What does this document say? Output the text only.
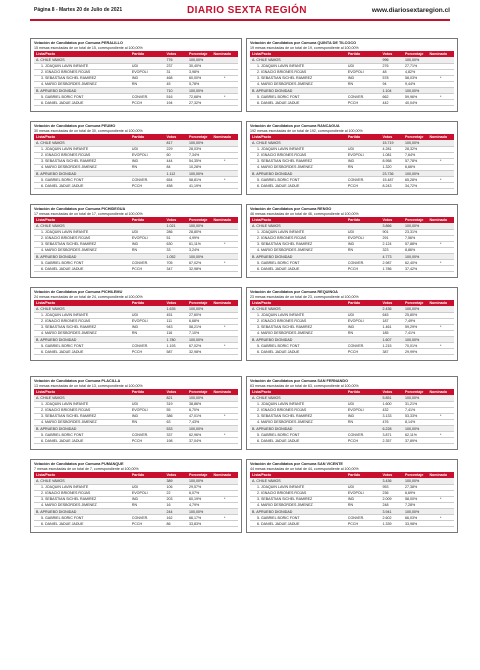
Página 8 - Martes 20 de Julio de 2021	DIARIO SEXTA REGIÓN	www.diariosextaregion.cl
Votación de Candidatos por Comuna PERALILLO
15 mesas escrutadas de un total de 15, correspondiente al 100,00%
Lista/Pacto	Partido	Votos	Porcentaje	Nominado
A. CHILE VAMOS		776	100,00%	
1. JOAQUIN LAVIN INFANTE	UDI	237	30,40%	
2. IGNACIO BRIONES ROJAS	EVOPOLI	31	3,98%	
3. SEBASTIAN SICHEL RAMIREZ	IND	468	60,00%	*
4. MARIO DESBORDES JIMENEZ	RN	45	5,78%	
B. APRUEBO DIGNIDAD		710	100,00%	
5. GABRIEL BORIC FONT	CONVER.	516	72,68%	*
6. DANIEL JADUE JADUE	PCCH	194	27,32%	
Votación de Candidatos por Comuna PEUMO
30 mesas escrutadas de un total de 30, correspondiente al 100,00%
Lista/Pacto	Partido	Votos	Porcentaje	Nominado
A. CHILE VAMOS		817	100,00%	
1. JOAQUIN LAVIN INFANTE	UDI	229	28,03%	
2. IGNACIO BRIONES ROJAS	EVOPOLI	60	7,34%	
3. SEBASTIAN SICHEL RAMIREZ	IND	444	54,35%	*
4. MARIO DESBORDES JIMENEZ	RN	84	10,28%	
B. APRUEBO DIGNIDAD		1.112	100,00%	
5. GABRIEL BORIC FONT	CONVER.	654	58,81%	*
6. DANIEL JADUE JADUE	PCCH	458	41,19%	
Votación de Candidatos por Comuna PICHIDEGUA
17 mesas escrutadas de un total de 17, correspondiente al 100,00%
Lista/Pacto	Partido	Votos	Porcentaje	Nominado
A. CHILE VAMOS		1.021	100,00%	
1. JOAQUIN LAVIN INFANTE	UDI	286	28,80%	
2. IGNACIO BRIONES ROJAS	EVOPOLI	51	4,99%	
3. SEBASTIAN SICHEL RAMIREZ	IND	630	61,11%	*
4. MARIO DESBORDES JIMENEZ	RN	33	3,24%	
B. APRUEBO DIGNIDAD		1.052	100,00%	
5. GABRIEL BORIC FONT	CONVER.	705	67,02%	*
6. DANIEL JADUE JADUE	PCCH	347	32,98%	
Votación de Candidatos por Comuna PICHILEMU
24 mesas escrutadas de un total de 24, correspondiente al 100,00%
Lista/Pacto	Partido	Votos	Porcentaje	Nominado
A. CHILE VAMOS		1.635	100,00%	
1. JOAQUIN LAVIN INFANTE	UDI	451	27,60%	
2. IGNACIO BRIONES ROJAS	EVOPOLI	111	6,68%	
3. SEBASTIAN SICHEL RAMIREZ	IND	943	58,21%	*
4. MARIO DESBORDES JIMENEZ	RN	116	7,10%	
B. APRUEBO DIGNIDAD		1.780	100,00%	
5. GABRIEL BORIC FONT	CONVER.	1.193	67,02%	*
6. DANIEL JADUE JADUE	PCCH	587	32,98%	
Votación de Candidatos por Comuna PLACILLA
13 mesas escrutadas de un total de 13, correspondiente al 100,00%
Lista/Pacto	Partido	Votos	Porcentaje	Nominado
A. CHILE VAMOS		821	100,00%	
1. JOAQUIN LAVIN INFANTE	UDI	319	38,86%	
2. IGNACIO BRIONES ROJAS	EVOPOLI	55	6,70%	
3. SEBASTIAN SICHEL RAMIREZ	IND	386	47,01%	*
4. MARIO DESBORDES JIMENEZ	RN	63	7,43%	
B. APRUEBO DIGNIDAD		533	100,00%	
5. GABRIEL BORIC FONT	CONVER.	337	62,96%	*
6. DANIEL JADUE JADUE	PCCH	198	37,04%	
Votación de Candidatos por Comuna PUMANQUE
7 mesas escrutadas de un total de 7, correspondiente al 100,00%
Lista/Pacto	Partido	Votos	Porcentaje	Nominado
A. CHILE VAMOS		389	100,00%	
1. JOAQUIN LAVIN INFANTE	UDI	106	29,57%	
2. IGNACIO BRIONES ROJAS	EVOPOLI	22	6,07%	
3. SEBASTIAN SICHEL RAMIREZ	IND	203	60,19%	*
4. MARIO DESBORDES JIMENEZ	RN	16	4,79%	
B. APRUEBO DIGNIDAD		244	100,00%	
5. GABRIEL BORIC FONT	CONVER.	162	66,17%	*
6. DANIEL JADUE JADUE	PCCH	86	33,83%	
Votación de Candidatos por Comuna QUINTA DE TILCOCO
19 mesas escrutadas de un total de 19, correspondiente al 100,00%
Lista/Pacto	Partido	Votos	Porcentaje	Nominado
A. CHILE VAMOS		996	100,00%	
1. JOAQUIN LAVIN INFANTE	UDI	276	27,71%	
2. IGNACIO BRIONES ROJAS	EVOPOLI	48	4,82%	
3. SEBASTIAN SICHEL RAMIREZ	IND	578	58,03%	*
4. MARIO DESBORDES JIMENEZ	RN	94	9,44%	
B. APRUEBO DIGNIDAD		1.104	100,00%	
5. GABRIEL BORIC FONT	CONVER.	662	59,96%	*
6. DANIEL JADUE JADUE	PCCH	442	40,04%	
Votación de Candidatos por Comuna RANCAGUA
192 mesas escrutadas de un total de 192, correspondiente al 100,00%
Lista/Pacto	Partido	Votos	Porcentaje	Nominado
A. CHILE VAMOS		15.719	100,00%	
1. JOAQUIN LAVIN INFANTE	UDI	4.281	28,32%	
2. IGNACIO BRIONES ROJAS	EVOPOLI	1.081	7,64%	
3. SEBASTIAN SICHEL RAMIREZ	IND	8.958	57,78%	*
4. MARIO DESBORDES JIMENEZ	RN	1.320	6,66%	
B. APRUEBO DIGNIDAD		23.736	100,00%	
5. GABRIEL BORIC FONT	CONVER.	15.487	65,28%	*
6. DANIEL JADUE JADUE	PCCH	8.243	34,72%	
Votación de Candidatos por Comuna RENGO
46 mesas escrutadas de un total de 46, correspondiente al 100,00%
Lista/Pacto	Partido	Votos	Porcentaje	Nominado
A. CHILE VAMOS		3.866	100,00%	
1. JOAQUIN LAVIN INFANTE	UDI	901	23,31%	
2. IGNACIO BRIONES ROJAS	EVOPOLI	291	7,56%	
3. SEBASTIAN SICHEL RAMIREZ	IND	2.124	57,88%	*
4. MARIO DESBORDES JIMENEZ	RN	323	8,86%	
B. APRUEBO DIGNIDAD		4.773	100,00%	
5. GABRIEL BORIC FONT	CONVER.	2.987	62,40%	*
6. DANIEL JADUE JADUE	PCCH	1.786	37,42%	
Votación de Candidatos por Comuna REQUINOA
23 mesas escrutadas de un total de 23, correspondiente al 100,00%
Lista/Pacto	Partido	Votos	Porcentaje	Nominado
A. CHILE VAMOS		2.436	100,00%	
1. JOAQUIN LAVIN INFANTE	UDI	645	25,80%	
2. IGNACIO BRIONES ROJAS	EVOPOLI	187	7,49%	
3. SEBASTIAN SICHEL RAMIREZ	IND	1.461	59,29%	*
4. MARIO DESBORDES JIMENEZ	RN	185	7,41%	
B. APRUEBO DIGNIDAD		1.607	100,00%	
5. GABRIEL BORIC FONT	CONVER.	1.215	70,01%	*
6. DANIEL JADUE JADUE	PCCH	387	29,99%	
Votación de Candidatos por Comuna SAN FERNANDO
63 mesas escrutadas de un total de 63, correspondiente al 100,00%
Lista/Pacto	Partido	Votos	Porcentaje	Nominado
A. CHILE VAMOS		5.851	100,00%	
1. JOAQUIN LAVIN INFANTE	UDI	1.600	31,21%	
2. IGNACIO BRIONES ROJAS	EVOPOLI	432	7,41%	
3. SEBASTIAN SICHEL RAMIREZ	IND	3.133	53,33%	*
4. MARIO DESBORDES JIMENEZ	RN	476	8,14%	
B. APRUEBO DIGNIDAD		6.228	100,00%	
5. GABRIEL BORIC FONT	CONVER.	3.871	62,11%	*
6. DANIEL JADUE JADUE	PCCH	2.357	37,89%	
Votación de Candidatos por Comuna SAN VICENTE
44 mesas escrutadas de un total de 44, correspondiente al 100,00%
Lista/Pacto	Partido	Votos	Porcentaje	Nominado
A. CHILE VAMOS		3.436	100,00%	
1. JOAQUIN LAVIN INFANTE	UDI	953	27,38%	
2. IGNACIO BRIONES ROJAS	EVOPOLI	236	6,69%	
3. SEBASTIAN SICHEL RAMIREZ	IND	2.009	58,00%	*
4. MARIO DESBORDES JIMENEZ	RN	248	7,28%	
B. APRUEBO DIGNIDAD		3.941	100,00%	
5. GABRIEL BORIC FONT	CONVER.	2.602	66,03%	*
6. DANIEL JADUE JADUE	PCCH	1.339	33,98%	
